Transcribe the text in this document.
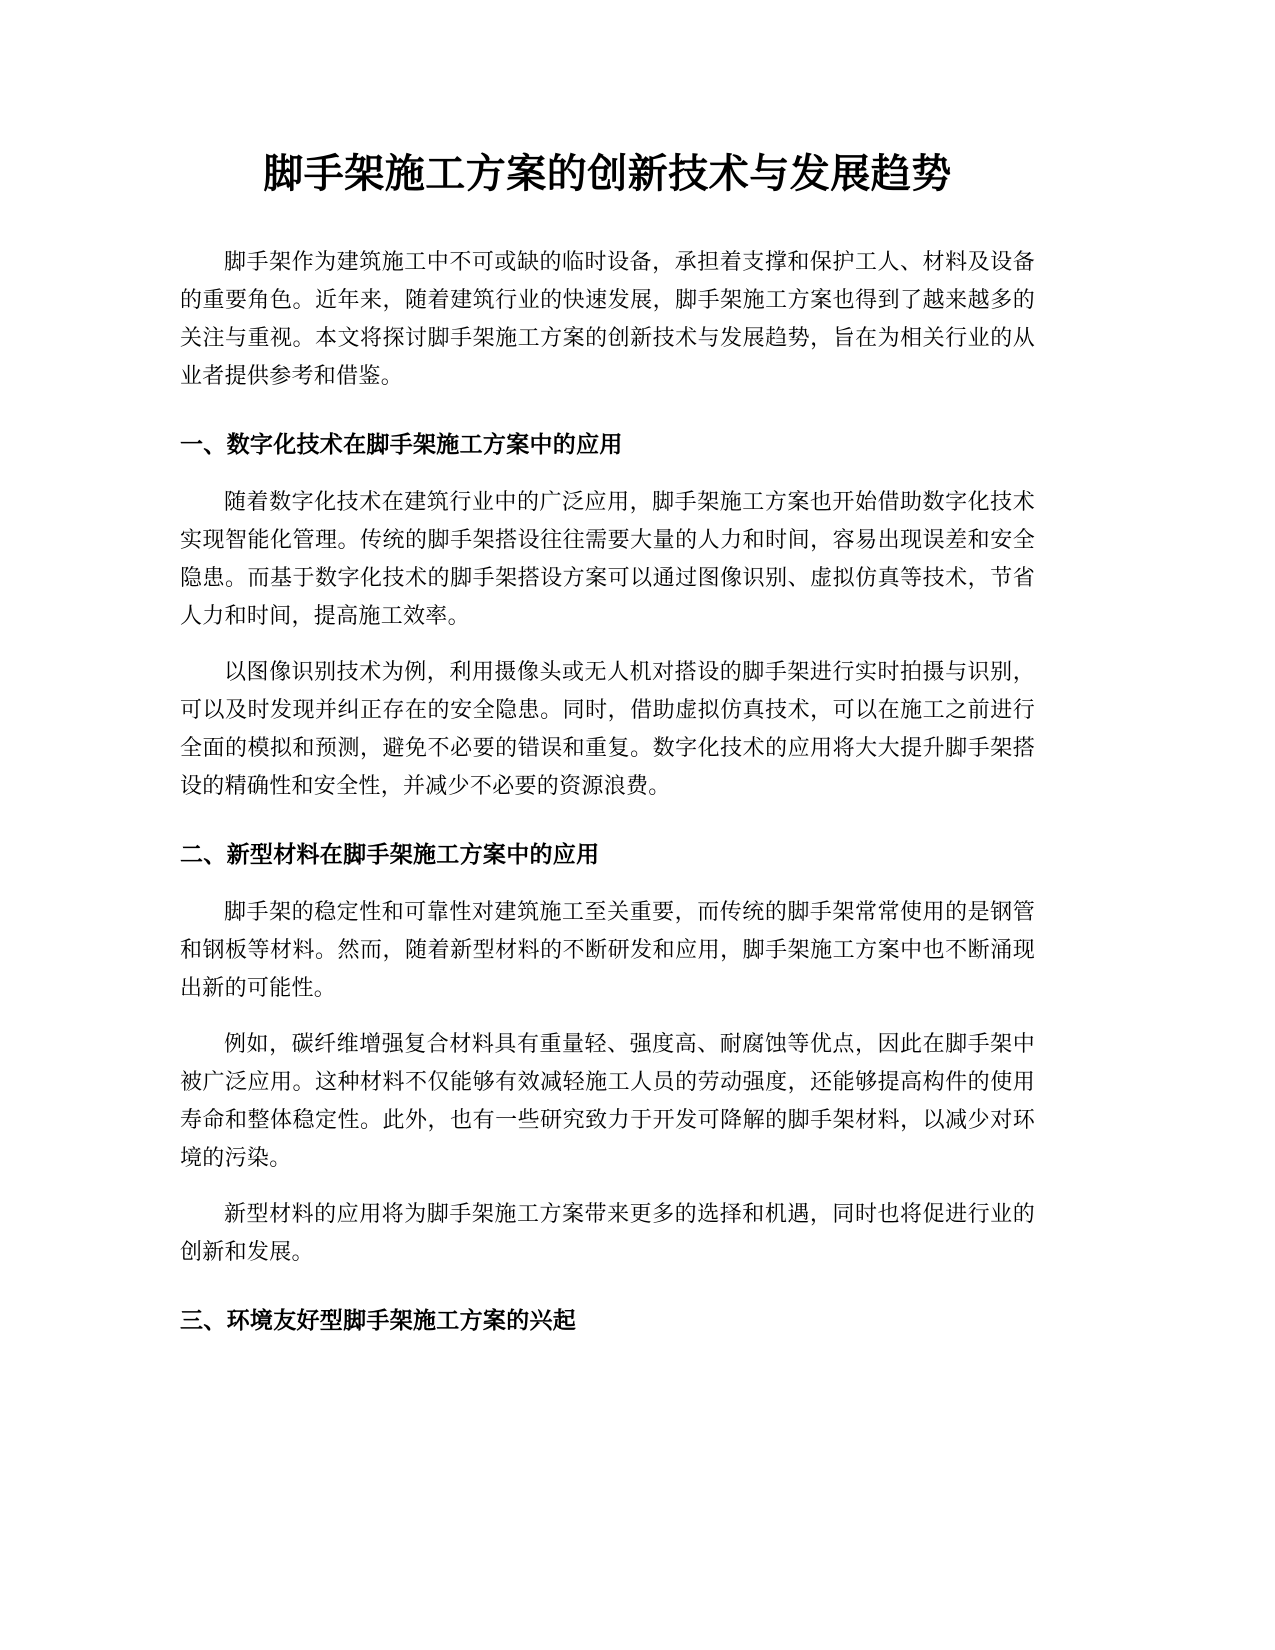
脚手架施工方案的创新技术与发展趋势

脚手架作为建筑施工中不可或缺的临时设备，承担着支撑和保护工人、材料及设备的重要角色。近年来，随着建筑行业的快速发展，脚手架施工方案也得到了越来越多的关注与重视。本文将探讨脚手架施工方案的创新技术与发展趋势，旨在为相关行业的从业者提供参考和借鉴。

一、数字化技术在脚手架施工方案中的应用

随着数字化技术在建筑行业中的广泛应用，脚手架施工方案也开始借助数字化技术实现智能化管理。传统的脚手架搭设往往需要大量的人力和时间，容易出现误差和安全隐患。而基于数字化技术的脚手架搭设方案可以通过图像识别、虚拟仿真等技术，节省人力和时间，提高施工效率。

以图像识别技术为例，利用摄像头或无人机对搭设的脚手架进行实时拍摄与识别，可以及时发现并纠正存在的安全隐患。同时，借助虚拟仿真技术，可以在施工之前进行全面的模拟和预测，避免不必要的错误和重复。数字化技术的应用将大大提升脚手架搭设的精确性和安全性，并减少不必要的资源浪费。

二、新型材料在脚手架施工方案中的应用

脚手架的稳定性和可靠性对建筑施工至关重要，而传统的脚手架常常使用的是钢管和钢板等材料。然而，随着新型材料的不断研发和应用，脚手架施工方案中也不断涌现出新的可能性。

例如，碳纤维增强复合材料具有重量轻、强度高、耐腐蚀等优点，因此在脚手架中被广泛应用。这种材料不仅能够有效减轻施工人员的劳动强度，还能够提高构件的使用寿命和整体稳定性。此外，也有一些研究致力于开发可降解的脚手架材料，以减少对环境的污染。

新型材料的应用将为脚手架施工方案带来更多的选择和机遇，同时也将促进行业的创新和发展。

三、环境友好型脚手架施工方案的兴起
